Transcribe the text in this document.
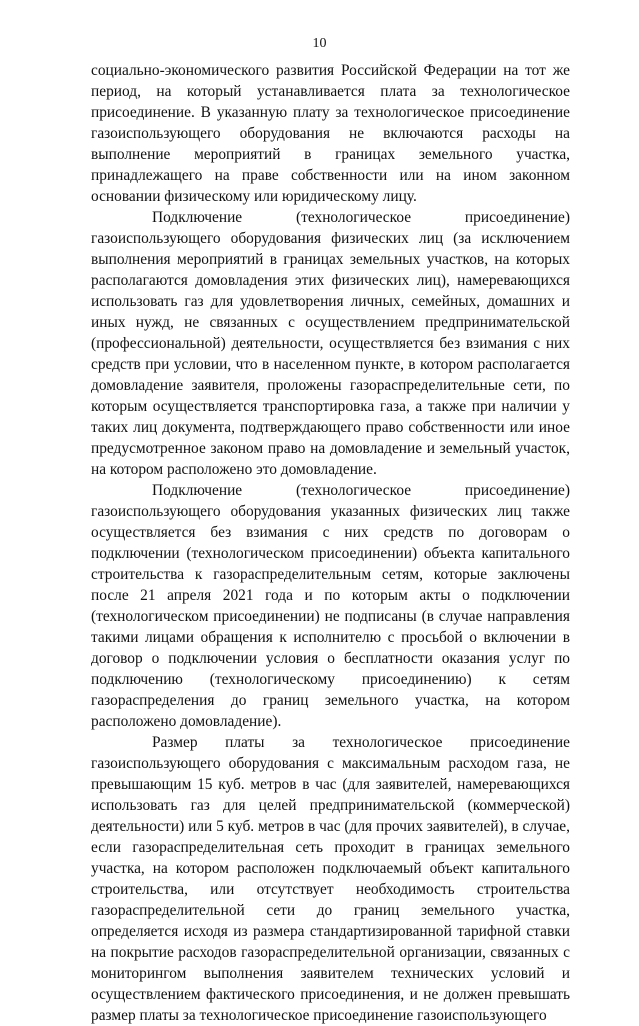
10

социально-экономического развития Российской Федерации на тот же период, на который устанавливается плата за технологическое присоединение. В указанную плату за технологическое присоединение газоиспользующего оборудования не включаются расходы на выполнение мероприятий в границах земельного участка, принадлежащего на праве собственности или на ином законном основании физическому или юридическому лицу.

Подключение (технологическое присоединение) газоиспользующего оборудования физических лиц (за исключением выполнения мероприятий в границах земельных участков, на которых располагаются домовладения этих физических лиц), намеревающихся использовать газ для удовлетворения личных, семейных, домашних и иных нужд, не связанных с осуществлением предпринимательской (профессиональной) деятельности, осуществляется без взимания с них средств при условии, что в населенном пункте, в котором располагается домовладение заявителя, проложены газораспределительные сети, по которым осуществляется транспортировка газа, а также при наличии у таких лиц документа, подтверждающего право собственности или иное предусмотренное законом право на домовладение и земельный участок, на котором расположено это домовладение.

Подключение (технологическое присоединение) газоиспользующего оборудования указанных физических лиц также осуществляется без взимания с них средств по договорам о подключении (технологическом присоединении) объекта капитального строительства к газораспределительным сетям, которые заключены после 21 апреля 2021 года и по которым акты о подключении (технологическом присоединении) не подписаны (в случае направления такими лицами обращения к исполнителю с просьбой о включении в договор о подключении условия о бесплатности оказания услуг по подключению (технологическому присоединению) к сетям газораспределения до границ земельного участка, на котором расположено домовладение).

Размер платы за технологическое присоединение газоиспользующего оборудования с максимальным расходом газа, не превышающим 15 куб. метров в час (для заявителей, намеревающихся использовать газ для целей предпринимательской (коммерческой) деятельности) или 5 куб. метров в час (для прочих заявителей), в случае, если газораспределительная сеть проходит в границах земельного участка, на котором расположен подключаемый объект капитального строительства, или отсутствует необходимость строительства газораспределительной сети до границ земельного участка, определяется исходя из размера стандартизированной тарифной ставки на покрытие расходов газораспределительной организации, связанных с мониторингом выполнения заявителем технических условий и осуществлением фактического присоединения, и не должен превышать размер платы за технологическое присоединение газоиспользующего
